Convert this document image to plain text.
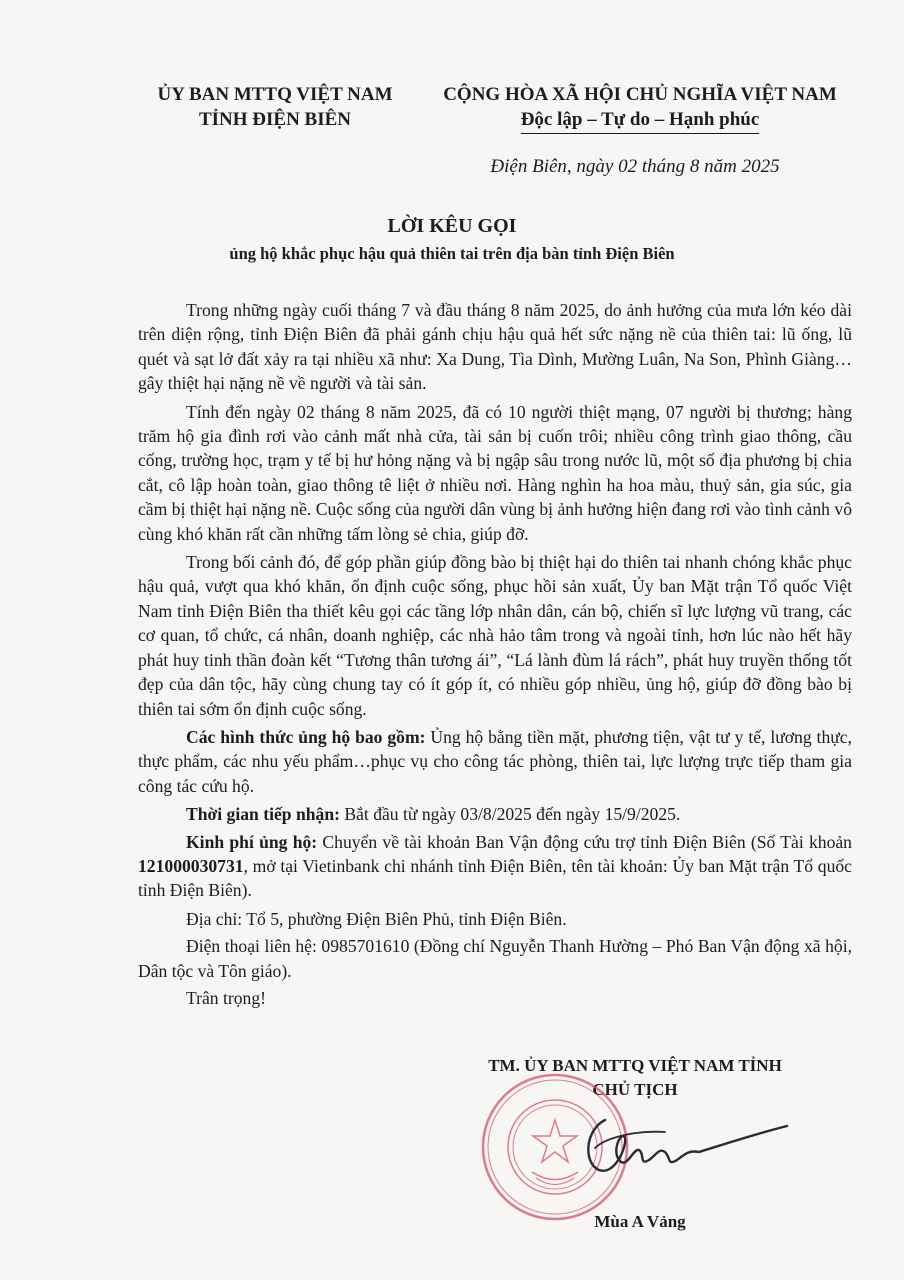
ỦY BAN MTTQ VIỆT NAM
TỈNH ĐIỆN BIÊN
CỘNG HÒA XÃ HỘI CHỦ NGHĨA VIỆT NAM
Độc lập – Tự do – Hạnh phúc
Điện Biên, ngày 02 tháng 8 năm 2025
LỜI KÊU GỌI
ủng hộ khắc phục hậu quả thiên tai trên địa bàn tỉnh Điện Biên

Trong những ngày cuối tháng 7 và đầu tháng 8 năm 2025, do ảnh hưởng của mưa lớn kéo dài trên diện rộng, tỉnh Điện Biên đã phải gánh chịu hậu quả hết sức nặng nề của thiên tai: lũ ống, lũ quét và sạt lở đất xảy ra tại nhiều xã như: Xa Dung, Tìa Dình, Mường Luân, Na Son, Phình Giàng… gây thiệt hại nặng nề về người và tài sản.

Tính đến ngày 02 tháng 8 năm 2025, đã có 10 người thiệt mạng, 07 người bị thương; hàng trăm hộ gia đình rơi vào cảnh mất nhà cửa, tài sản bị cuốn trôi; nhiều công trình giao thông, cầu cống, trường học, trạm y tế bị hư hỏng nặng và bị ngập sâu trong nước lũ, một số địa phương bị chia cắt, cô lập hoàn toàn, giao thông tê liệt ở nhiều nơi. Hàng nghìn ha hoa màu, thuỷ sản, gia súc, gia cầm bị thiệt hại nặng nề. Cuộc sống của người dân vùng bị ảnh hưởng hiện đang rơi vào tình cảnh vô cùng khó khăn rất cần những tấm lòng sẻ chia, giúp đỡ.

Trong bối cảnh đó, để góp phần giúp đồng bào bị thiệt hại do thiên tai nhanh chóng khắc phục hậu quả, vượt qua khó khăn, ổn định cuộc sống, phục hồi sản xuất, Ủy ban Mặt trận Tổ quốc Việt Nam tỉnh Điện Biên tha thiết kêu gọi các tầng lớp nhân dân, cán bộ, chiến sĩ lực lượng vũ trang, các cơ quan, tổ chức, cá nhân, doanh nghiệp, các nhà hảo tâm trong và ngoài tỉnh, hơn lúc nào hết hãy phát huy tinh thần đoàn kết “Tương thân tương ái”, “Lá lành đùm lá rách”, phát huy truyền thống tốt đẹp của dân tộc, hãy cùng chung tay có ít góp ít, có nhiều góp nhiều, ủng hộ, giúp đỡ đồng bào bị thiên tai sớm ổn định cuộc sống.

Các hình thức ủng hộ bao gồm: Ủng hộ bằng tiền mặt, phương tiện, vật tư y tế, lương thực, thực phẩm, các nhu yếu phẩm…phục vụ cho công tác phòng, thiên tai, lực lượng trực tiếp tham gia công tác cứu hộ.

Thời gian tiếp nhận: Bắt đầu từ ngày 03/8/2025 đến ngày 15/9/2025.

Kinh phí ủng hộ: Chuyển về tài khoản Ban Vận động cứu trợ tỉnh Điện Biên (Số Tài khoản 121000030731, mở tại Vietinbank chi nhánh tỉnh Điện Biên, tên tài khoản: Ủy ban Mặt trận Tổ quốc tỉnh Điện Biên).

Địa chỉ: Tổ 5, phường Điện Biên Phủ, tỉnh Điện Biên.

Điện thoại liên hệ: 0985701610 (Đồng chí Nguyễn Thanh Hường – Phó Ban Vận động xã hội, Dân tộc và Tôn giáo).

Trân trọng!

TM. ỦY BAN MTTQ VIỆT NAM TỈNH
CHỦ TỊCH
Mùa A Vảng
